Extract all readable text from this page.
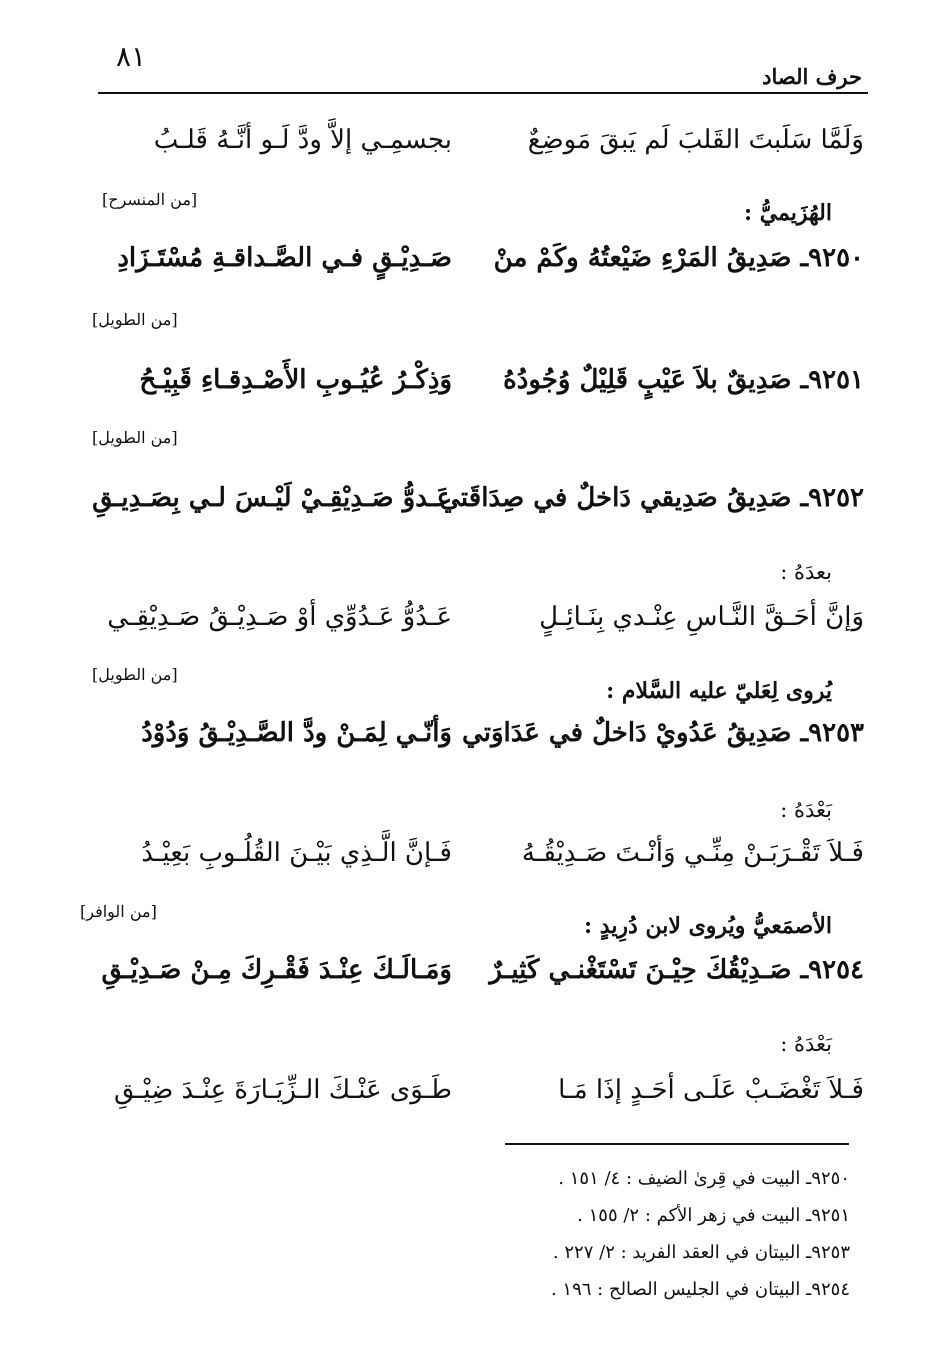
٨١
حرف الصاد
وَلَمَّا سَلَبتَ القَلبَ لَم يَبقَ مَوضِعٌ
بجسمِـي إلاَّ ودَّ لَـو أنَّـهُ قَلـبُ
[من المنسرح]
الهُزَيميُّ :
٩٢٥٠ـ صَدِيقُ المَرْءِ ضَيْعتُهُ وكَمْ منْ
صَـدِيْـقٍ فـي الصَّـداقـةِ مُسْتَـزَادِ
[من الطويل]
٩٢٥١ـ صَدِيقٌ بلاَ عَيْبٍ قَلِيْلٌ وُجُودُهُ
وَذِكْـرُ عُيُـوبِ الأَصْـدِقـاءِ قَبِيْـحُ
[من الطويل]
٩٢٥٢ـ صَدِيقُ صَدِيقي دَاخلٌ في صِدَاقَتي
عَـدوُّ صَـدِيْقِـيْ لَيْـسَ لـي بِصَـدِيـقِ
بعدَهُ :
وَإنَّ أحَـقَّ النَّـاسِ عِنْـدي بِنَـائِـلٍ
عَـدُوُّ عَـدُوِّي أوْ صَـدِيْـقُ صَـدِيْقِـي
[من الطويل]
يُروى لِعَليّ عليه السَّلام :
٩٢٥٣ـ صَدِيقُ عَدُويْ دَاخلٌ في عَدَاوَتي
وَأنّـي لِمَـنْ ودَّ الصَّـدِيْـقُ وَدُوْدُ
بَعْدَهُ :
فَـلاَ تَقْـرَبَـنْ مِنِّـي وَأنْـتَ صَـدِيْقُـهُ
فَـإنَّ الَّـذِي بَيْـنَ القُلُـوبِ بَعِيْـدُ
[من الوافر]
الأصمَعيُّ ويُروى لابن دُرِيدٍ :
٩٢٥٤ـ صَـدِيْقُكَ حِيْـنَ تَسْتَغْنـي كَثِيـرٌ
وَمَـالَـكَ عِنْـدَ فَقْـرِكَ مِـنْ صَـدِيْـقِ
بَعْدَهُ :
فَـلاَ تَغْضَـبْ عَلَـى أحَـدٍ إذَا مَـا
طَـوَى عَنْـكَ الـزِّيَـارَةَ عِنْـدَ ضِيْـقِ
٩٢٥٠ـ البيت في قِرىٰ الضيف : ٤/ ١٥١ .
٩٢٥١ـ البيت في زهر الأكم : ٢/ ١٥٥ .
٩٢٥٣ـ البيتان في العقد الفريد : ٢/ ٢٢٧ .
٩٢٥٤ـ البيتان في الجليس الصالح : ١٩٦ .
